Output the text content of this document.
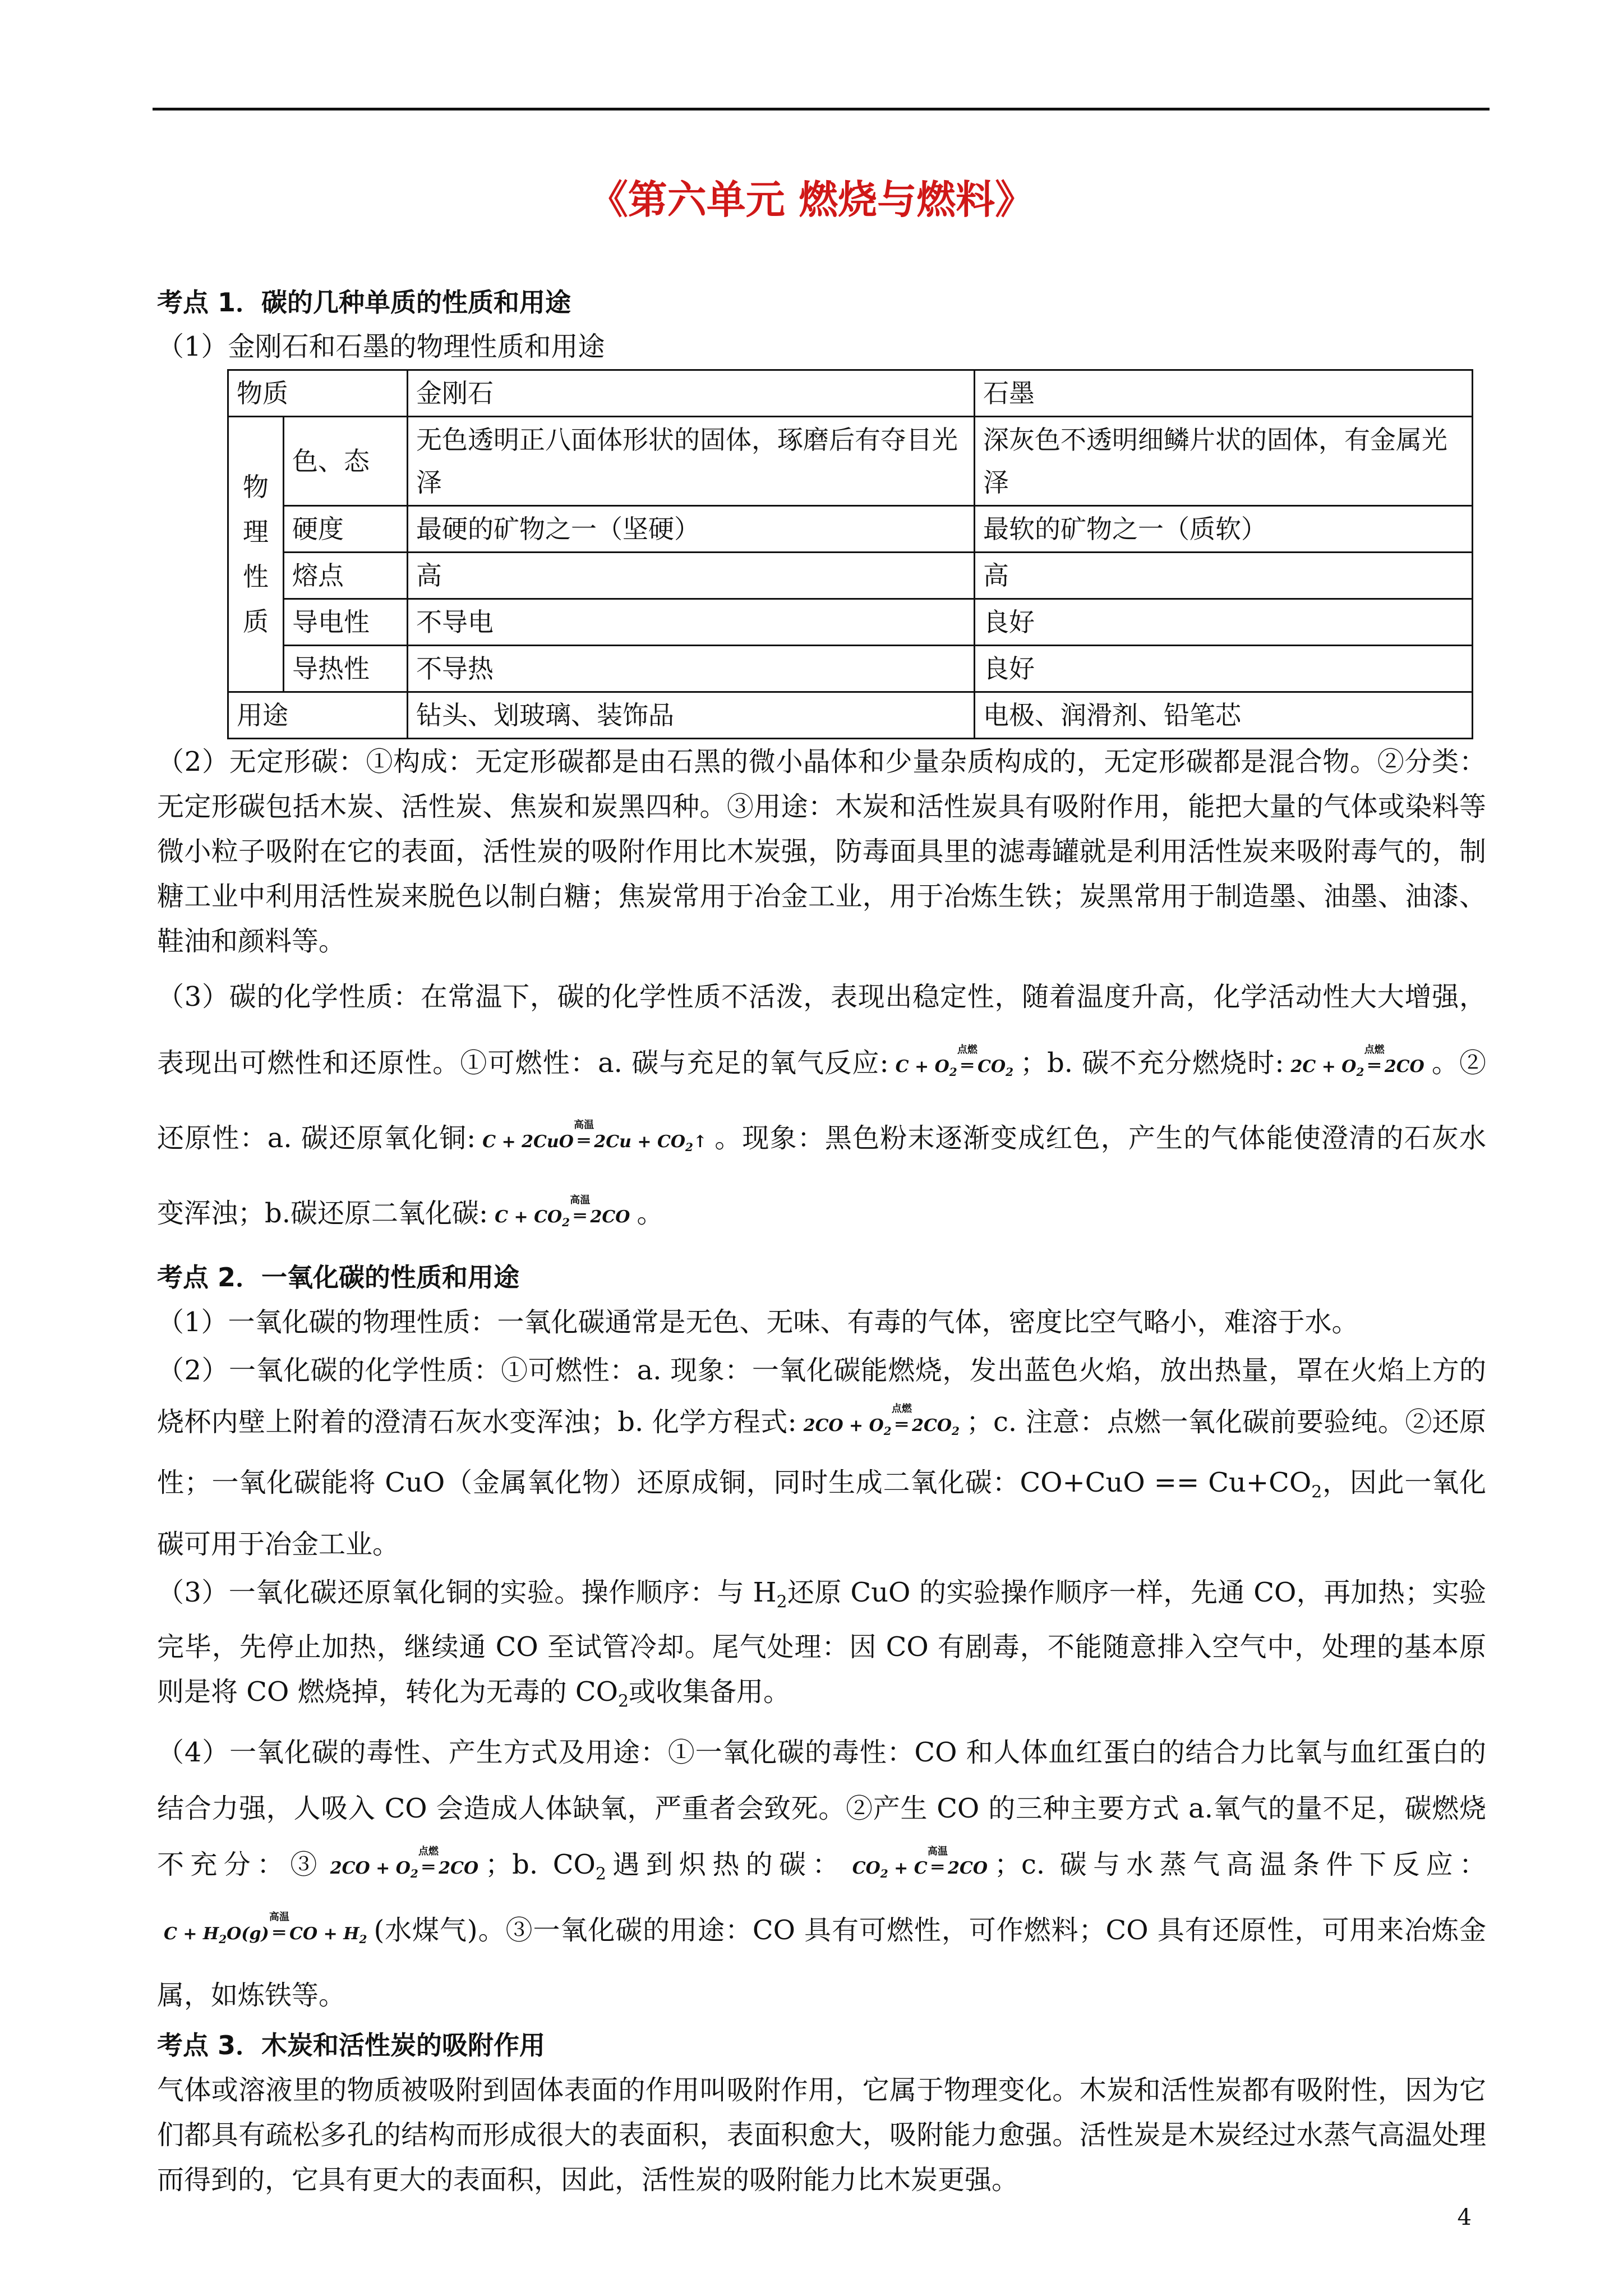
《第六单元 燃烧与燃料》
考点 1．碳的几种单质的性质和用途
（1）金刚石和石墨的物理性质和用途
物质		金刚石	石墨

物
理
性
质	色、态	无色透明正八面体形状的固体，琢磨后有夺目光泽	深灰色不透明细鳞片状的固体，有金属光泽
	硬度	最硬的矿物之一（坚硬）	最软的矿物之一（质软）
	熔点	高	高
	导电性	不导电	良好
	导热性	不导热	良好
用途		钻头、划玻璃、装饰品	电极、润滑剂、铅笔芯
（2）无定形碳：①构成：无定形碳都是由石黑的微小晶体和少量杂质构成的，无定形碳都是混合物。②分类：无定形碳包括木炭、活性炭、焦炭和炭黑四种。③用途：木炭和活性炭具有吸附作用，能把大量的气体或染料等微小粒子吸附在它的表面，活性炭的吸附作用比木炭强，防毒面具里的滤毒罐就是利用活性炭来吸附毒气的，制糖工业中利用活性炭来脱色以制白糖；焦炭常用于冶金工业，用于冶炼生铁；炭黑常用于制造墨、油墨、油漆、鞋油和颜料等。
（3）碳的化学性质：在常温下，碳的化学性质不活泼，表现出稳定性，随着温度升高，化学活动性大大增强，表现出可燃性和还原性。①可燃性：a. 碳与充足的氧气反应: $C + O_2$
点燃
═ $CO_2$ ；b. 碳不充分燃烧时: $2C + O_2$
点燃
═ 2CO 。②还原性：a. 碳还原氧化铜: C + 2CuO
高温
═ $2Cu + CO_2↑$ 。现象：黑色粉末逐渐变成红色，产生的气体能使澄清的石灰水变浑浊；b.碳还原二氧化碳: $C + CO_2$
高温
═ 2CO 。
考点 2．一氧化碳的性质和用途
（1）一氧化碳的物理性质：一氧化碳通常是无色、无味、有毒的气体，密度比空气略小，难溶于水。
（2）一氧化碳的化学性质：①可燃性：a. 现象：一氧化碳能燃烧，发出蓝色火焰，放出热量，罩在火焰上方的烧杯内壁上附着的澄清石灰水变浑浊；b. 化学方程式: $2CO + O_2$
点燃
═ $2CO_2$ ；c. 注意：点燃一氧化碳前要验纯。②还原性；一氧化碳能将 CuO（金属氧化物）还原成铜，同时生成二氧化碳：$CO+CuO == Cu+CO_2$，因此一氧化碳可用于冶金工业。
（3）一氧化碳还原氧化铜的实验。操作顺序：与 $H_2$还原 CuO 的实验操作顺序一样，先通 CO，再加热；实验完毕，先停止加热，继续通 CO 至试管冷却。尾气处理：因 CO 有剧毒，不能随意排入空气中，处理的基本原则是将 CO 燃烧掉，转化为无毒的 $CO_2$或收集备用。
（4）一氧化碳的毒性、产生方式及用途：①一氧化碳的毒性：CO 和人体血红蛋白的结合力比氧与血红蛋白的结合力强，人吸入 CO 会造成人体缺氧，严重者会致死。②产生 CO 的三种主要方式 a.氧气的量不足，碳燃烧不充分：③ $2CO + O_2$
点燃
═ 2CO ；b. $CO_2$遇到炽热的碳： $CO_2 + C$
高温
═ 2CO ；c. 碳与水蒸气高温条件下反应：$C + H_2O(g)$
高温
═ CO + $H_2$ (水煤气)。③一氧化碳的用途：CO 具有可燃性，可作燃料；CO 具有还原性，可用来冶炼金属，如炼铁等。
考点 3．木炭和活性炭的吸附作用
气体或溶液里的物质被吸附到固体表面的作用叫吸附作用，它属于物理变化。木炭和活性炭都有吸附性，因为它们都具有疏松多孔的结构而形成很大的表面积，表面积愈大，吸附能力愈强。活性炭是木炭经过水蒸气高温处理而得到的，它具有更大的表面积，因此，活性炭的吸附能力比木炭更强。
4
